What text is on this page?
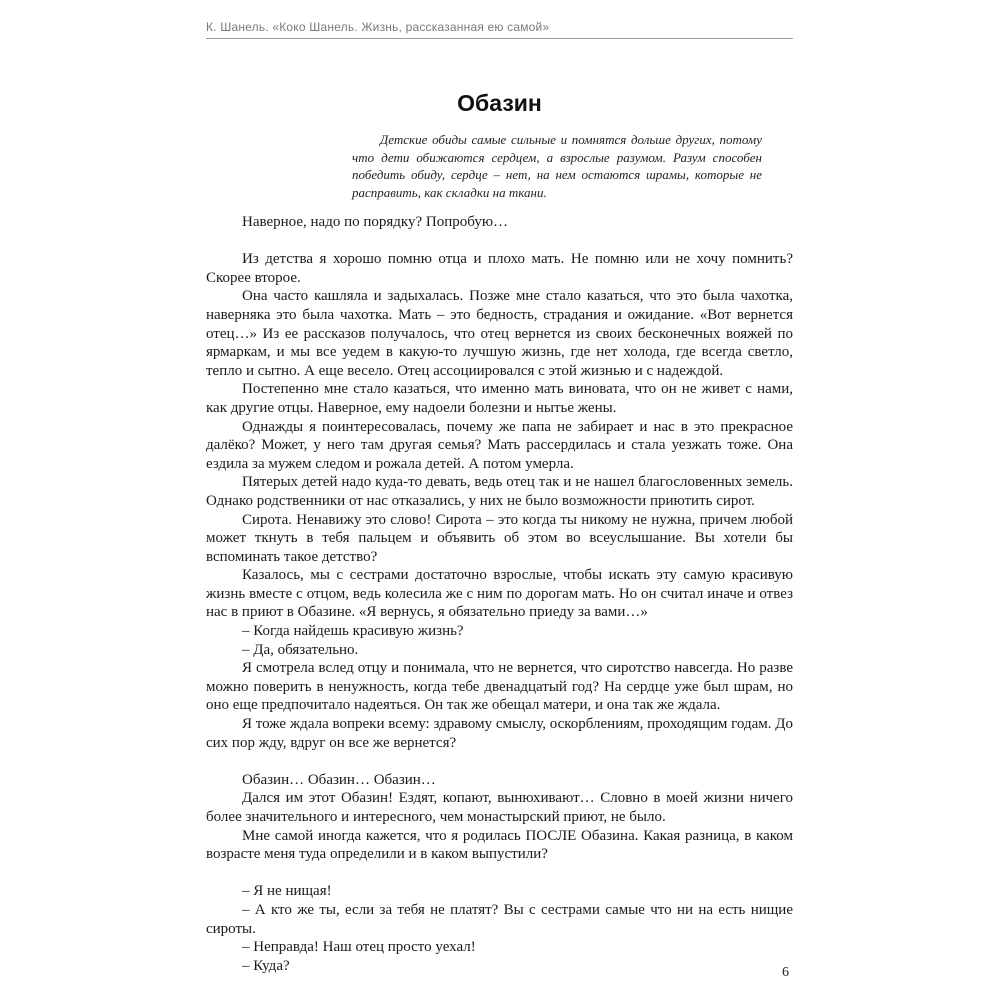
К. Шанель. «Коко Шанель. Жизнь, рассказанная ею самой»
Обазин

Детские обиды самые сильные и помнятся дольше других, потому что дети обижаются сердцем, а взрослые разумом. Разум способен победить обиду, сердце – нет, на нем остаются шрамы, которые не расправить, как складки на ткани.

Наверное, надо по порядку? Попробую…

Из детства я хорошо помню отца и плохо мать. Не помню или не хочу помнить? Скорее второе.

Она часто кашляла и задыхалась. Позже мне стало казаться, что это была чахотка, наверняка это была чахотка. Мать – это бедность, страдания и ожидание. «Вот вернется отец…» Из ее рассказов получалось, что отец вернется из своих бесконечных вояжей по ярмаркам, и мы все уедем в какую-то лучшую жизнь, где нет холода, где всегда светло, тепло и сытно. А еще весело. Отец ассоциировался с этой жизнью и с надеждой.

Постепенно мне стало казаться, что именно мать виновата, что он не живет с нами, как другие отцы. Наверное, ему надоели болезни и нытье жены.

Однажды я поинтересовалась, почему же папа не забирает и нас в это прекрасное далёко? Может, у него там другая семья? Мать рассердилась и стала уезжать тоже. Она ездила за мужем следом и рожала детей. А потом умерла.

Пятерых детей надо куда-то девать, ведь отец так и не нашел благословенных земель. Однако родственники от нас отказались, у них не было возможности приютить сирот.

Сирота. Ненавижу это слово! Сирота – это когда ты никому не нужна, причем любой может ткнуть в тебя пальцем и объявить об этом во всеуслышание. Вы хотели бы вспоминать такое детство?

Казалось, мы с сестрами достаточно взрослые, чтобы искать эту самую красивую жизнь вместе с отцом, ведь колесила же с ним по дорогам мать. Но он считал иначе и отвез нас в приют в Обазине. «Я вернусь, я обязательно приеду за вами…»

– Когда найдешь красивую жизнь?

– Да, обязательно.

Я смотрела вслед отцу и понимала, что не вернется, что сиротство навсегда. Но разве можно поверить в ненужность, когда тебе двенадцатый год? На сердце уже был шрам, но оно еще предпочитало надеяться. Он так же обещал матери, и она так же ждала.

Я тоже ждала вопреки всему: здравому смыслу, оскорблениям, проходящим годам. До сих пор жду, вдруг он все же вернется?

Обазин… Обазин… Обазин…

Дался им этот Обазин! Ездят, копают, вынюхивают… Словно в моей жизни ничего более значительного и интересного, чем монастырский приют, не было.

Мне самой иногда кажется, что я родилась ПОСЛЕ Обазина. Какая разница, в каком возрасте меня туда определили и в каком выпустили?

– Я не нищая!

– А кто же ты, если за тебя не платят? Вы с сестрами самые что ни на есть нищие сироты.

– Неправда! Наш отец просто уехал!

– Куда?	6
